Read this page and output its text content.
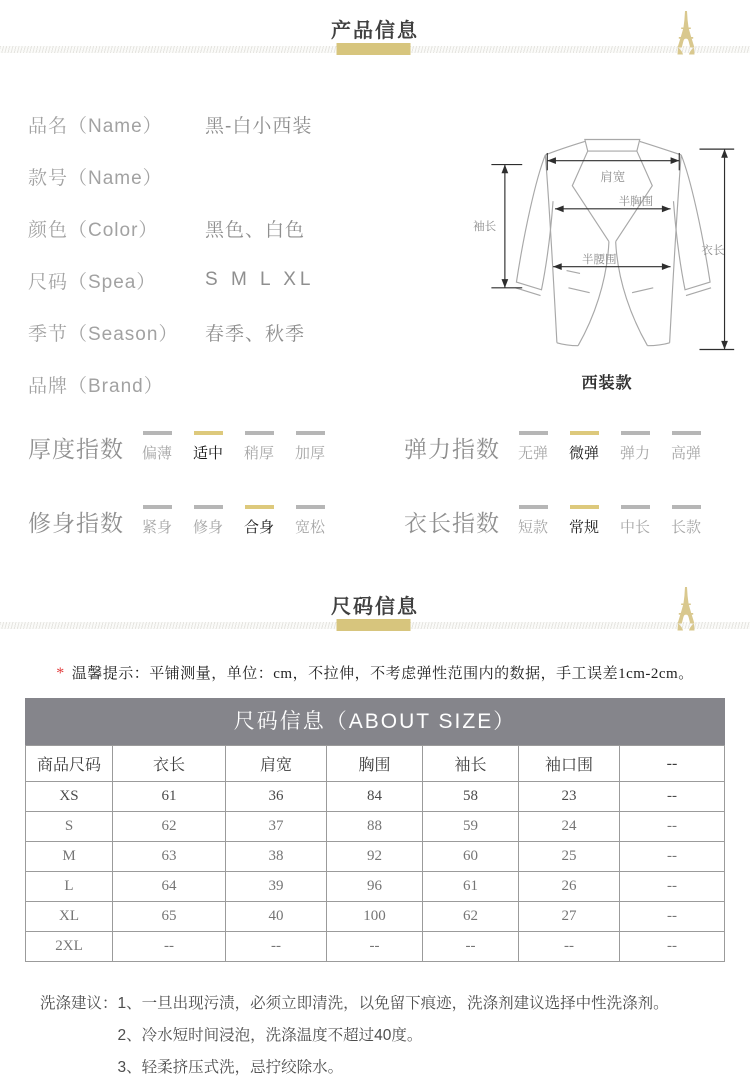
产品信息
品名（Name）	黑-白小西装
款号（Name）
颜色（Color）	黑色、白色
尺码（Spea）	S M L XL
季节（Season）	春季、秋季
品牌（Brand）
肩宽
半胸围
半腰围
袖长
衣长
西装款
厚度指数 偏薄 适中 稍厚 加厚	弹力指数 无弹 微弹 弹力 高弹
修身指数 紧身 修身 合身 宽松	衣长指数 短款 常规 中长 长款
尺码信息
* 温馨提示：平铺测量，单位：cm，不拉伸，不考虑弹性范围内的数据，手工误差1cm-2cm。
尺码信息（ABOUT SIZE）
商品尺码	衣长	肩宽	胸围	袖长	袖口围	--
XS	61	36	84	58	23	--
S	62	37	88	59	24	--
M	63	38	92	60	25	--
L	64	39	96	61	26	--
XL	65	40	100	62	27	--
2XL	--	--	--	--	--	--
洗涤建议： 1、一旦出现污渍，必须立即清洗，以免留下痕迹，洗涤剂建议选择中性洗涤剂。
2、冷水短时间浸泡，洗涤温度不超过40度。
3、轻柔挤压式洗，忌拧绞除水。
